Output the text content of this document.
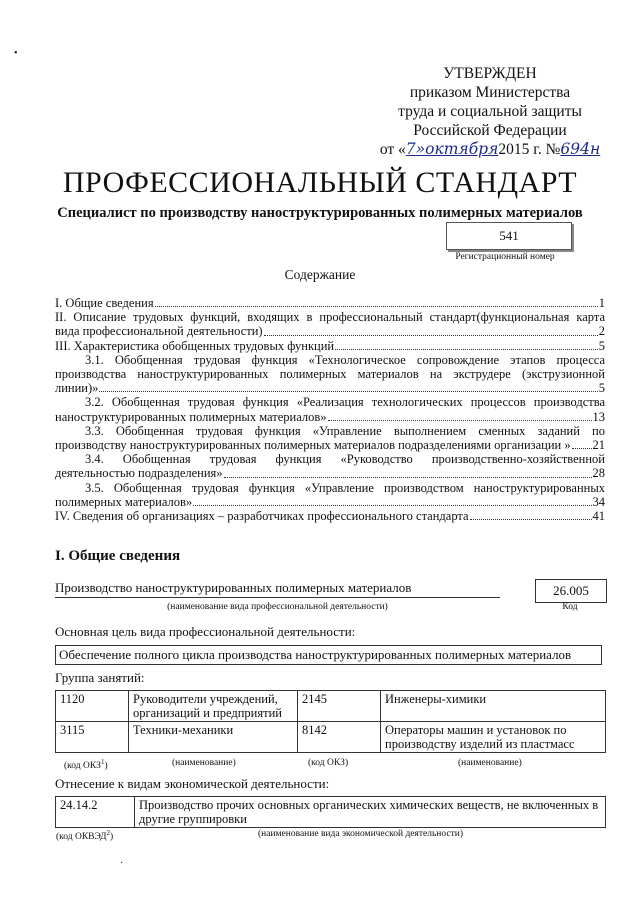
•
УТВЕРЖДЕН
приказом Министерства
труда и социальной защиты
Российской Федерации
от «7»октября2015 г. №694н
ПРОФЕССИОНАЛЬНЫЙ СТАНДАРТ
Специалист по производству наноструктурированных полимерных материалов
541
Регистрационный номер
Содержание
I. Общие сведения	1
II. Описание трудовых функций, входящих в профессиональный стандарт(функциональная карта
вида профессиональной деятельности)	2
III. Характеристика обобщенных трудовых функций	5
3.1. Обобщенная трудовая функция «Технологическое сопровождение этапов процесса
производства наноструктурированных полимерных материалов на экструдере (экструзионной
линии)»	5
3.2. Обобщенная трудовая функция «Реализация технологических процессов производства
наноструктурированных полимерных материалов»	13
3.3. Обобщенная трудовая функция «Управление выполнением сменных заданий по
производству наноструктурированных полимерных материалов подразделениями организации » 21
3.4. Обобщенная трудовая функция «Руководство производственно-хозяйственной
деятельностью подразделения»	28
3.5. Обобщенная трудовая функция «Управление производством наноструктурированных
полимерных материалов»	34
IV. Сведения об организациях – разработчиках профессионального стандарта	41
I. Общие сведения
Производство наноструктурированных полимерных материалов
(наименование вида профессиональной деятельности)
26.005
Код
Основная цель вида профессиональной деятельности:
Обеспечение полного цикла производства наноструктурированных полимерных материалов
Группа занятий:
1120	Руководители учреждений, организаций и предприятий	2145	Инженеры-химики
3115	Техники-механики	8142	Операторы машин и установок по производству изделий из пластмасс
(код ОКЗ$^1$)	(наименование)	(код ОКЗ)	(наименование)
Отнесение к видам экономической деятельности:
24.14.2	Производство прочих основных органических химических веществ, не включенных в другие группировки
(код ОКВЭД$^2$)	(наименование вида экономической деятельности)
·
